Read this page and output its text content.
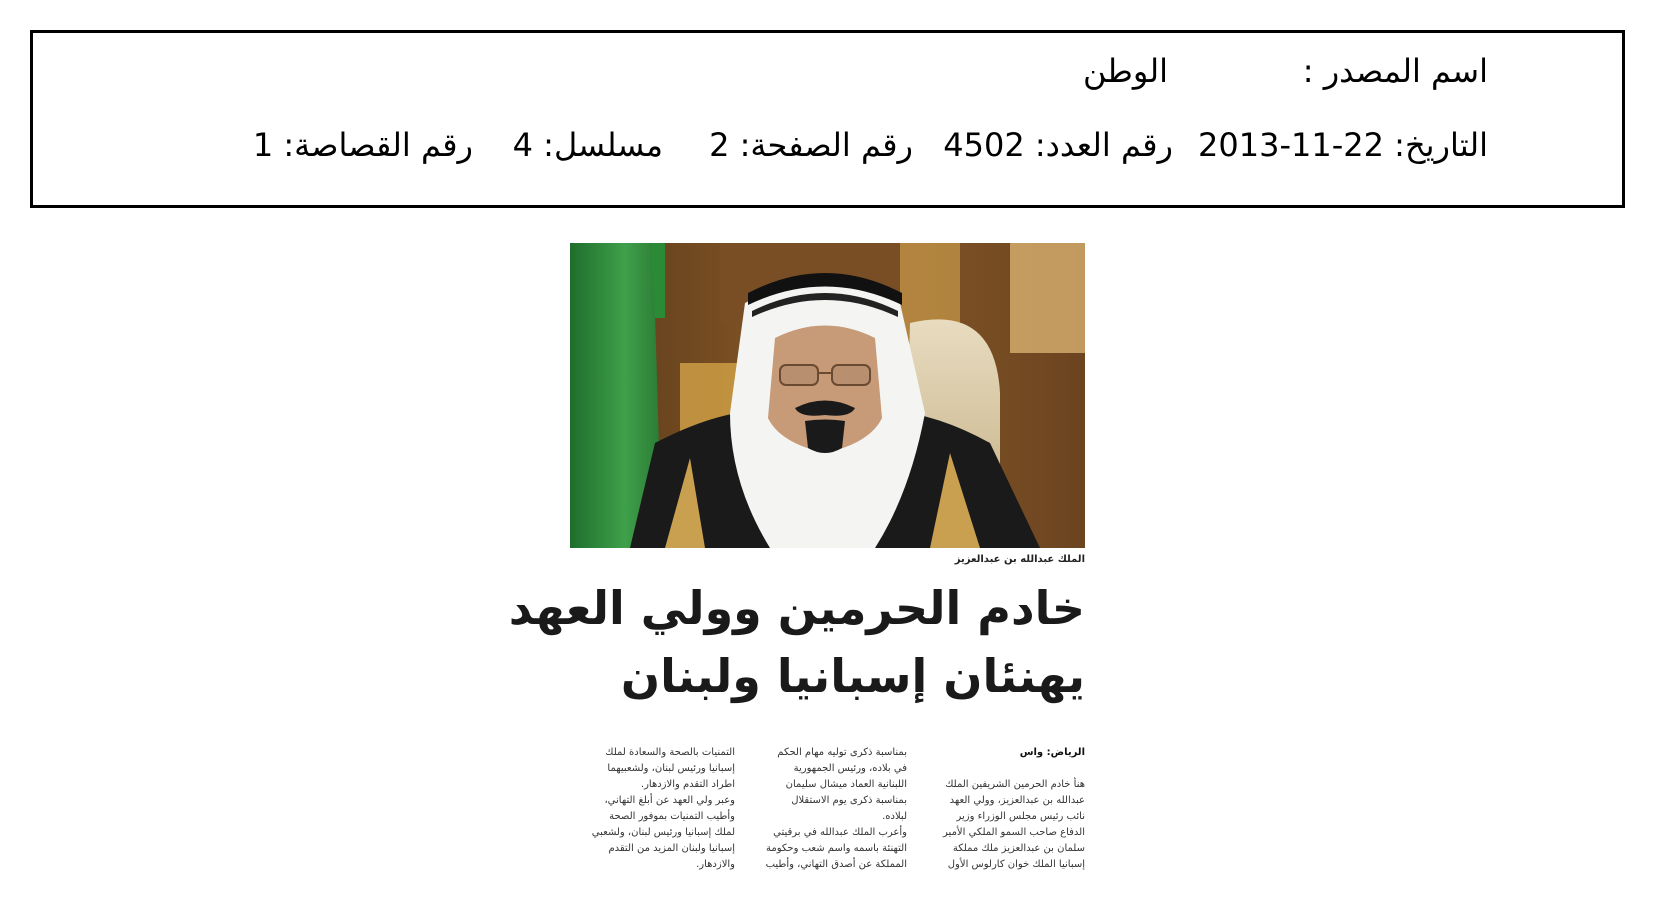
اسم المصدر :
الوطن
التاريخ: 22-11-2013
رقم العدد: 4502
رقم الصفحة: 2
مسلسل: 4
رقم القصاصة: 1
الملك عبدالله بن عبدالعزيز
خادم الحرمين وولي العهد
يهنئان إسبانيا ولبنان
الرياض: واس
هنأ خادم الحرمين الشريفين الملك
عبدالله بن عبدالعزيز، وولي العهد
نائب رئيس مجلس الوزراء وزير
الدفاع صاحب السمو الملكي الأمير
سلمان بن عبدالعزيز ملك مملكة
إسبانيا الملك خوان كارلوس الأول
بمناسبة ذكرى توليه مهام الحكم
في بلاده، ورئيس الجمهورية
اللبنانية العماد ميشال سليمان
بمناسبة ذكرى يوم الاستقلال
لبلاده.
وأعرب الملك عبدالله في برقيتي
التهنئة باسمه واسم شعب وحكومة
المملكة عن أصدق التهاني، وأطيب
التمنيات بالصحة والسعادة لملك
إسبانيا ورئيس لبنان، ولشعبيهما
اطراد التقدم والازدهار.
وعبر ولي العهد عن أبلغ التهاني،
وأطيب التمنيات بموفور الصحة
لملك إسبانيا ورئيس لبنان، ولشعبي
إسبانيا ولبنان المزيد من التقدم
والازدهار.
